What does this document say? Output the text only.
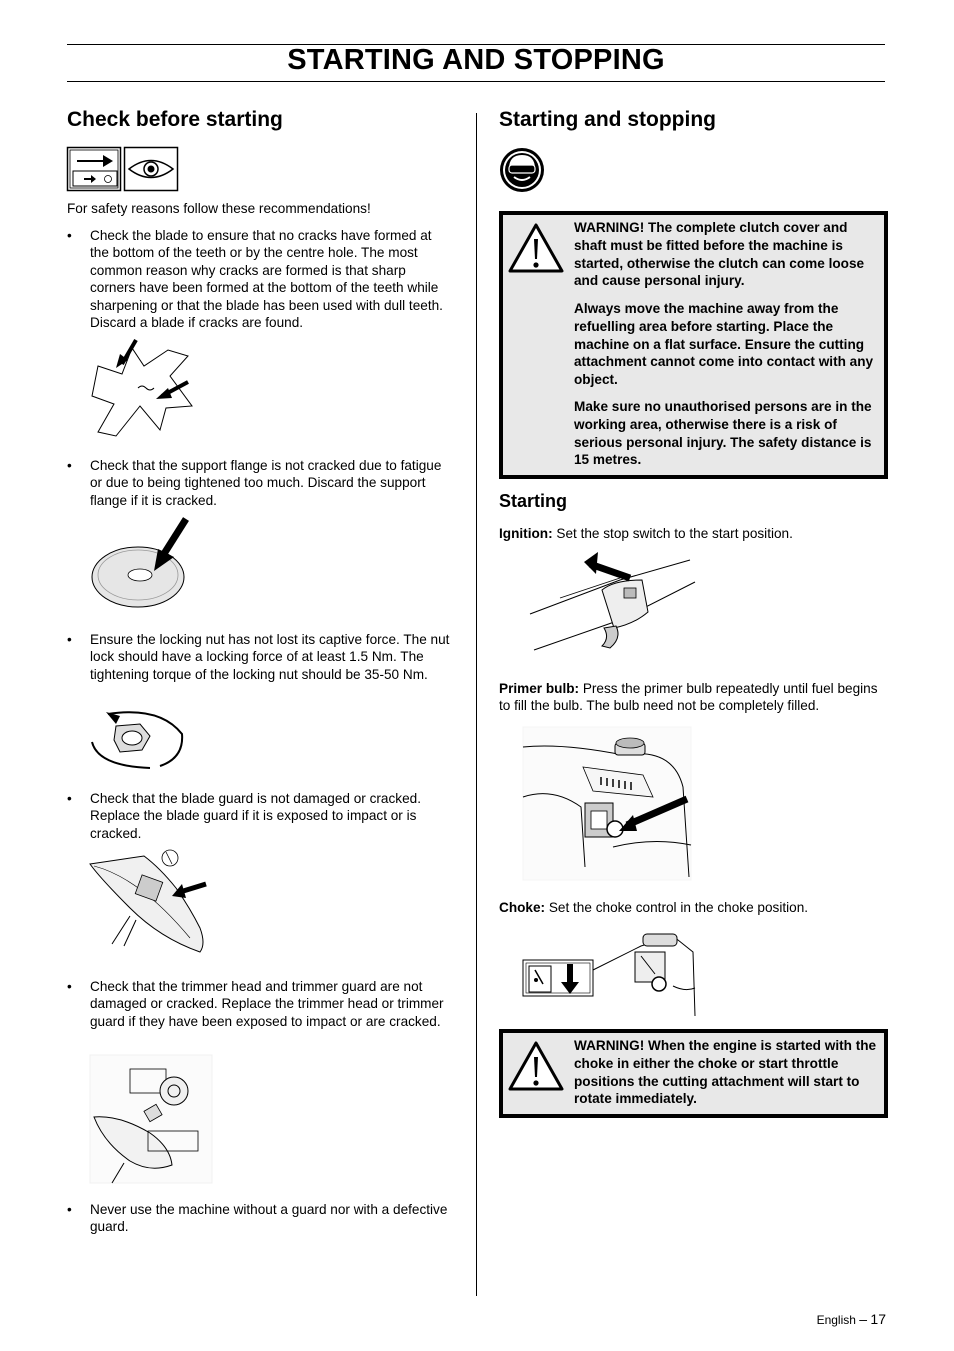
STARTING AND STOPPING
Check before starting
For safety reasons follow these recommendations!
• Check the blade to ensure that no cracks have formed at the bottom of the teeth or by the centre hole. The most common reason why cracks are formed is that sharp corners have been formed at the bottom of the teeth while sharpening or that the blade has been used with dull teeth. Discard a blade if cracks are found.
• Check that the support flange is not cracked due to fatigue or due to being tightened too much. Discard the support flange if it is cracked.
• Ensure the locking nut has not lost its captive force. The nut lock should have a locking force of at least 1.5 Nm. The tightening torque of the locking nut should be 35-50 Nm.
• Check that the blade guard is not damaged or cracked. Replace the blade guard if it is exposed to impact or is cracked.
• Check that the trimmer head and trimmer guard are not damaged or cracked. Replace the trimmer head or trimmer guard if they have been exposed to impact or are cracked.
• Never use the machine without a guard nor with a defective guard.
Starting and stopping
WARNING! The complete clutch cover and shaft must be fitted before the machine is started, otherwise the clutch can come loose and cause personal injury.
Always move the machine away from the refuelling area before starting. Place the machine on a flat surface. Ensure the cutting attachment cannot come into contact with any object.
Make sure no unauthorised persons are in the working area, otherwise there is a risk of serious personal injury. The safety distance is 15 metres.
Starting
Ignition: Set the stop switch to the start position.
Primer bulb: Press the primer bulb repeatedly until fuel begins to fill the bulb. The bulb need not be completely filled.
Choke: Set the choke control in the choke position.
WARNING! When the engine is started with the choke in either the choke or start throttle positions the cutting attachment will start to rotate immediately.
English – 17
